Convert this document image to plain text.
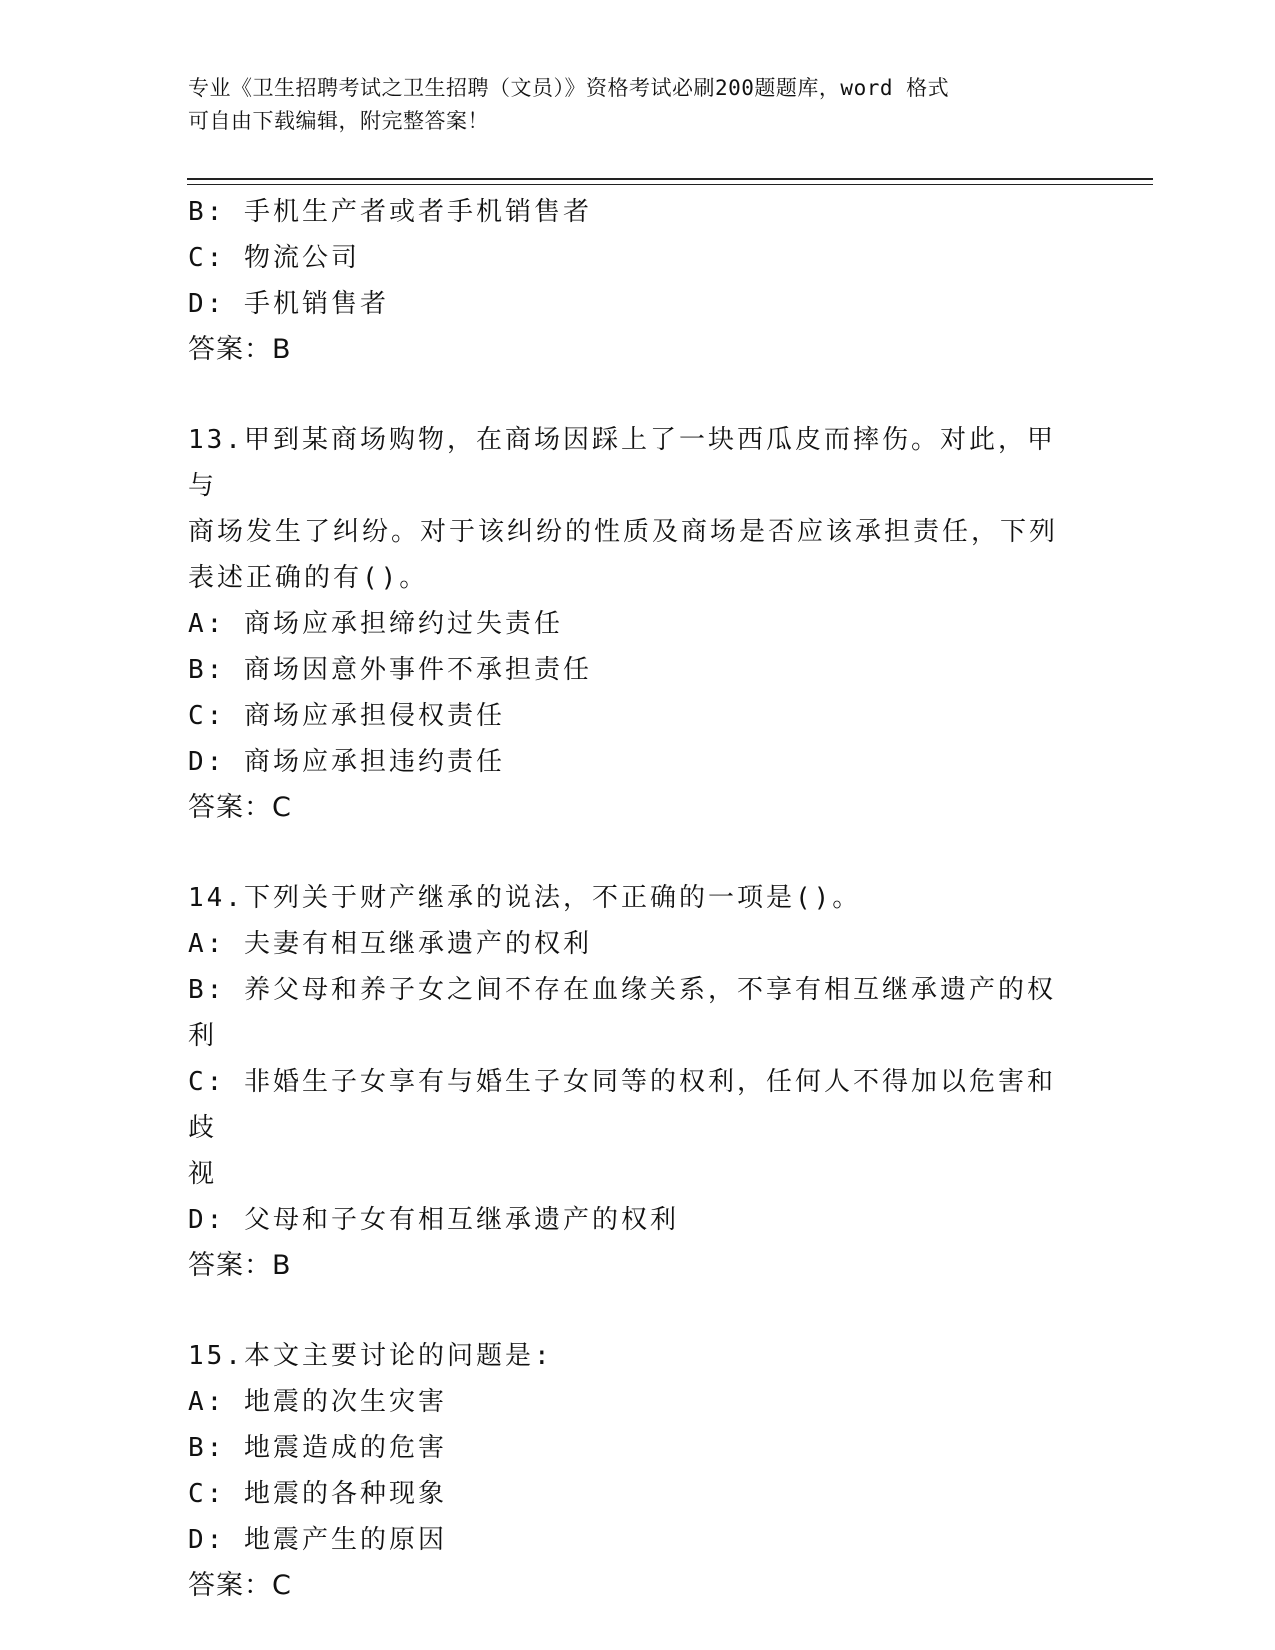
专业《卫生招聘考试之卫生招聘（文员）》资格考试必刷200题题库，word 格式
可自由下载编辑，附完整答案！
B: 手机生产者或者手机销售者
C: 物流公司
D: 手机销售者
答案：B
13.甲到某商场购物，在商场因踩上了一块西瓜皮而摔伤。对此，甲与
商场发生了纠纷。对于该纠纷的性质及商场是否应该承担责任，下列
表述正确的有()。
A: 商场应承担缔约过失责任
B: 商场因意外事件不承担责任
C: 商场应承担侵权责任
D: 商场应承担违约责任
答案：C
14.下列关于财产继承的说法，不正确的一项是()。
A: 夫妻有相互继承遗产的权利
B: 养父母和养子女之间不存在血缘关系，不享有相互继承遗产的权利
C: 非婚生子女享有与婚生子女同等的权利，任何人不得加以危害和歧
视
D: 父母和子女有相互继承遗产的权利
答案：B
15.本文主要讨论的问题是:
A: 地震的次生灾害
B: 地震造成的危害
C: 地震的各种现象
D: 地震产生的原因
答案：C
